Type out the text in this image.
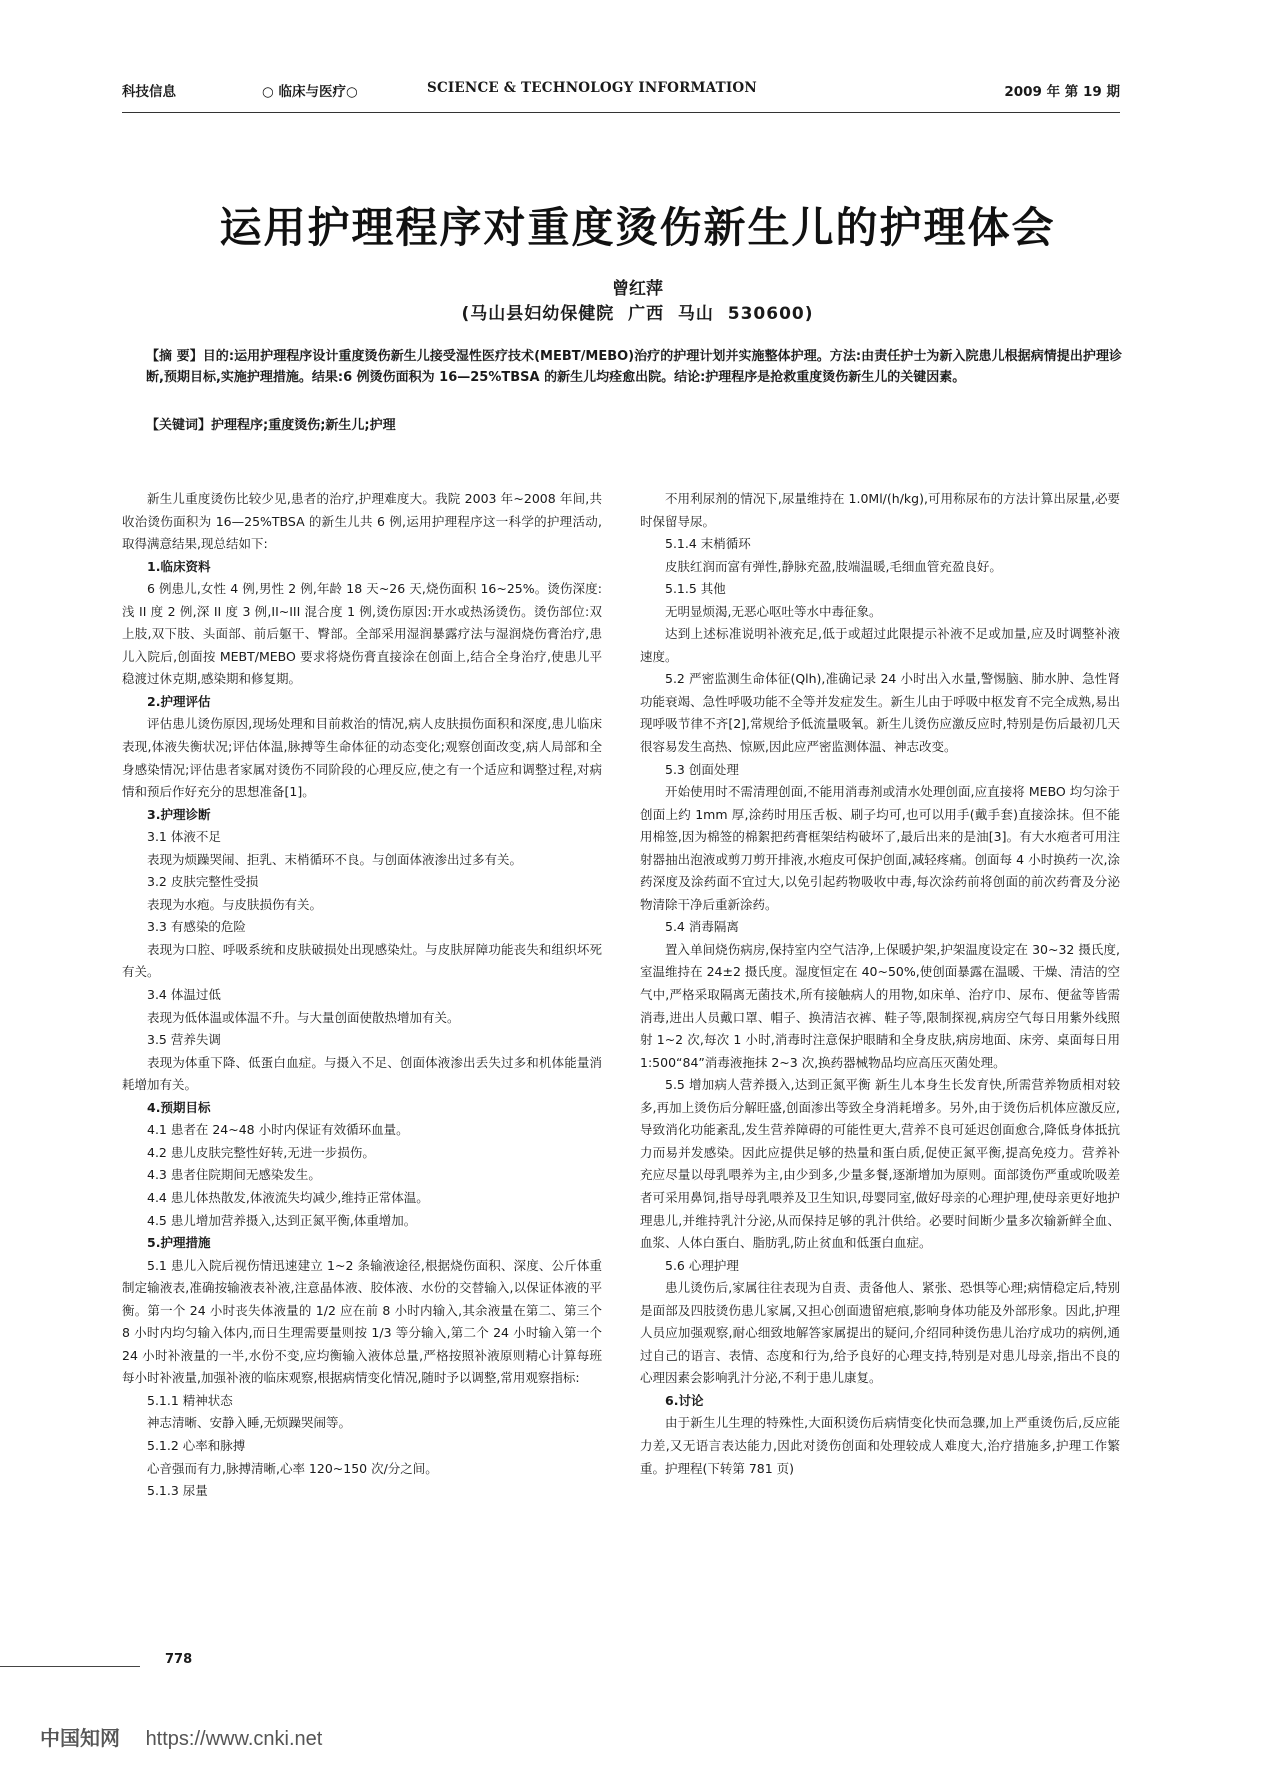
科技信息	○ 临床与医疗○	SCIENCE & TECHNOLOGY INFORMATION	2009 年 第 19 期
运用护理程序对重度烫伤新生儿的护理体会
曾红萍
(马山县妇幼保健院  广西  马山  530600)

【摘 要】目的:运用护理程序设计重度烫伤新生儿接受湿性医疗技术(MEBT/MEBO)治疗的护理计划并实施整体护理。方法:由责任护士为新入院患儿根据病情提出护理诊断,预期目标,实施护理措施。结果:6 例烫伤面积为 16—25%TBSA 的新生儿均痊愈出院。结论:护理程序是抢救重度烫伤新生儿的关键因素。

【关键词】护理程序;重度烫伤;新生儿;护理

新生儿重度烫伤比较少见,患者的治疗,护理难度大。我院 2003 年~2008 年间,共收治烫伤面积为 16—25%TBSA 的新生儿共 6 例,运用护理程序这一科学的护理活动,取得满意结果,现总结如下:

1.临床资料

6 例患儿,女性 4 例,男性 2 例,年龄 18 天~26 天,烧伤面积 16~25%。烫伤深度:浅 II 度 2 例,深 II 度 3 例,II~III 混合度 1 例,烫伤原因:开水或热汤烫伤。烫伤部位:双上肢,双下肢、头面部、前后躯干、臀部。全部采用湿润暴露疗法与湿润烧伤膏治疗,患儿入院后,创面按 MEBT/MEBO 要求将烧伤膏直接涂在创面上,结合全身治疗,使患儿平稳渡过休克期,感染期和修复期。

2.护理评估

评估患儿烫伤原因,现场处理和目前救治的情况,病人皮肤损伤面积和深度,患儿临床表现,体液失衡状况;评估体温,脉搏等生命体征的动态变化;观察创面改变,病人局部和全身感染情况;评估患者家属对烫伤不同阶段的心理反应,使之有一个适应和调整过程,对病情和预后作好充分的思想准备[1]。

3.护理诊断

3.1 体液不足

表现为烦躁哭闹、拒乳、末梢循环不良。与创面体液渗出过多有关。

3.2 皮肤完整性受损

表现为水疱。与皮肤损伤有关。

3.3 有感染的危险

表现为口腔、呼吸系统和皮肤破损处出现感染灶。与皮肤屏障功能丧失和组织坏死有关。

3.4 体温过低

表现为低体温或体温不升。与大量创面使散热增加有关。

3.5 营养失调

表现为体重下降、低蛋白血症。与摄入不足、创面体液渗出丢失过多和机体能量消耗增加有关。

4.预期目标

4.1 患者在 24~48 小时内保证有效循环血量。

4.2 患儿皮肤完整性好转,无进一步损伤。

4.3 患者住院期间无感染发生。

4.4 患儿体热散发,体液流失均减少,维持正常体温。

4.5 患儿增加营养摄入,达到正氮平衡,体重增加。

5.护理措施

5.1 患儿入院后视伤情迅速建立 1~2 条输液途径,根据烧伤面积、深度、公斤体重制定输液表,准确按输液表补液,注意晶体液、胶体液、水份的交替输入,以保证体液的平衡。第一个 24 小时丧失体液量的 1/2 应在前 8 小时内输入,其余液量在第二、第三个 8 小时内均匀输入体内,而日生理需要量则按 1/3 等分输入,第二个 24 小时输入第一个 24 小时补液量的一半,水份不变,应均衡输入液体总量,严格按照补液原则精心计算每班每小时补液量,加强补液的临床观察,根据病情变化情况,随时予以调整,常用观察指标:

5.1.1 精神状态

神志清晰、安静入睡,无烦躁哭闹等。

5.1.2 心率和脉搏

心音强而有力,脉搏清晰,心率 120~150 次/分之间。

5.1.3 尿量

不用利尿剂的情况下,尿量维持在 1.0Ml/(h/kg),可用称尿布的方法计算出尿量,必要时保留导尿。

5.1.4 末梢循环

皮肤红润而富有弹性,静脉充盈,肢端温暖,毛细血管充盈良好。

5.1.5 其他

无明显烦渴,无恶心呕吐等水中毒征象。

达到上述标准说明补液充足,低于或超过此限提示补液不足或加量,应及时调整补液速度。

5.2 严密监测生命体征(Qlh),准确记录 24 小时出入水量,警惕脑、肺水肿、急性肾功能衰竭、急性呼吸功能不全等并发症发生。新生儿由于呼吸中枢发育不完全成熟,易出现呼吸节律不齐[2],常规给予低流量吸氧。新生儿烫伤应激反应时,特别是伤后最初几天很容易发生高热、惊厥,因此应严密监测体温、神志改变。

5.3 创面处理

开始使用时不需清理创面,不能用消毒剂或清水处理创面,应直接将 MEBO 均匀涂于创面上约 1mm 厚,涂药时用压舌板、刷子均可,也可以用手(戴手套)直接涂抹。但不能用棉签,因为棉签的棉絮把药膏框架结构破坏了,最后出来的是油[3]。有大水疱者可用注射器抽出泡液或剪刀剪开排液,水疱皮可保护创面,减轻疼痛。创面每 4 小时换药一次,涂药深度及涂药面不宜过大,以免引起药物吸收中毒,每次涂药前将创面的前次药膏及分泌物清除干净后重新涂药。

5.4 消毒隔离

置入单间烧伤病房,保持室内空气洁净,上保暖护架,护架温度设定在 30~32 摄氏度,室温维持在 24±2 摄氏度。湿度恒定在 40~50%,使创面暴露在温暖、干燥、清洁的空气中,严格采取隔离无菌技术,所有接触病人的用物,如床单、治疗巾、尿布、便盆等皆需消毒,进出人员戴口罩、帽子、换清洁衣裤、鞋子等,限制探视,病房空气每日用紫外线照射 1~2 次,每次 1 小时,消毒时注意保护眼睛和全身皮肤,病房地面、床旁、桌面每日用 1:500“84”消毒液拖抹 2~3 次,换药器械物品均应高压灭菌处理。

5.5 增加病人营养摄入,达到正氮平衡 新生儿本身生长发育快,所需营养物质相对较多,再加上烫伤后分解旺盛,创面渗出等致全身消耗增多。另外,由于烫伤后机体应激反应,导致消化功能紊乱,发生营养障碍的可能性更大,营养不良可延迟创面愈合,降低身体抵抗力而易并发感染。因此应提供足够的热量和蛋白质,促使正氮平衡,提高免疫力。营养补充应尽量以母乳喂养为主,由少到多,少量多餐,逐渐增加为原则。面部烫伤严重或吮吸差者可采用鼻饲,指导母乳喂养及卫生知识,母婴同室,做好母亲的心理护理,使母亲更好地护理患儿,并维持乳汁分泌,从而保持足够的乳汁供给。必要时间断少量多次输新鲜全血、血浆、人体白蛋白、脂肪乳,防止贫血和低蛋白血症。

5.6 心理护理

患儿烫伤后,家属往往表现为自责、责备他人、紧张、恐惧等心理;病情稳定后,特别是面部及四肢烫伤患儿家属,又担心创面遗留疤痕,影响身体功能及外部形象。因此,护理人员应加强观察,耐心细致地解答家属提出的疑问,介绍同种烫伤患儿治疗成功的病例,通过自己的语言、表情、态度和行为,给予良好的心理支持,特别是对患儿母亲,指出不良的心理因素会影响乳汁分泌,不利于患儿康复。

6.讨论

由于新生儿生理的特殊性,大面积烫伤后病情变化快而急骤,加上严重烫伤后,反应能力差,又无语言表达能力,因此对烫伤创面和处理较成人难度大,治疗措施多,护理工作繁重。护理程(下转第 781 页)

778
中国知网 https://www.cnki.net
